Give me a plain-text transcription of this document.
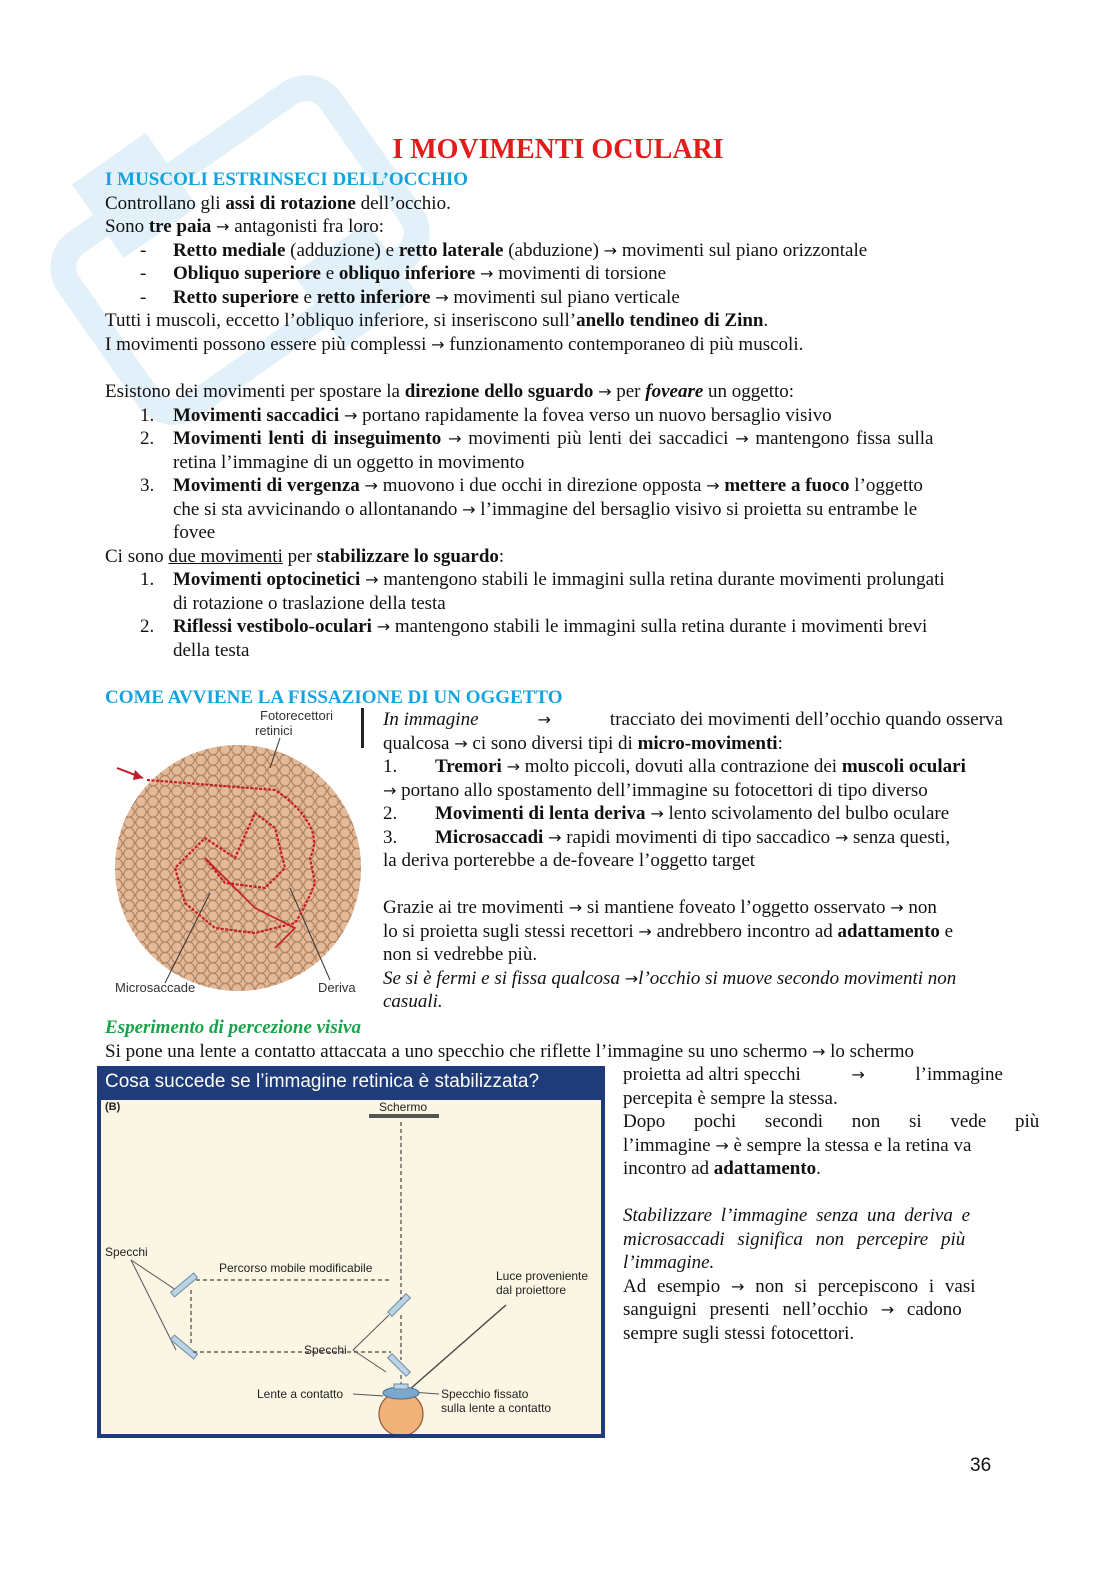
I MOVIMENTI OCULARI
I MUSCOLI ESTRINSECI DELL’OCCHIO
Controllano gli assi di rotazione dell’occhio.
Sono tre paia → antagonisti fra loro:
- Retto mediale (adduzione) e retto laterale (abduzione) → movimenti sul piano orizzontale
- Obliquo superiore e obliquo inferiore → movimenti di torsione
- Retto superiore e retto inferiore → movimenti sul piano verticale
Tutti i muscoli, eccetto l’obliquo inferiore, si inseriscono sull’anello tendineo di Zinn.
I movimenti possono essere più complessi → funzionamento contemporaneo di più muscoli.
Esistono dei movimenti per spostare la direzione dello sguardo → per foveare un oggetto:
1. Movimenti saccadici → portano rapidamente la fovea verso un nuovo bersaglio visivo
2. Movimenti lenti di inseguimento → movimenti più lenti dei saccadici → mantengono fissa sulla
retina l’immagine di un oggetto in movimento
3. Movimenti di vergenza → muovono i due occhi in direzione opposta → mettere a fuoco l’oggetto
che si sta avvicinando o allontanando → l’immagine del bersaglio visivo si proietta su entrambe le
fovee
Ci sono due movimenti per stabilizzare lo sguardo:
1. Movimenti optocinetici → mantengono stabili le immagini sulla retina durante movimenti prolungati
di rotazione o traslazione della testa
2. Riflessi vestibolo-oculari → mantengono stabili le immagini sulla retina durante i movimenti brevi
della testa
COME AVVIENE LA FISSAZIONE DI UN OGGETTO
Fotorecettori
retinici
Microsaccade	Deriva
In immagine	→	tracciato dei movimenti dell’occhio quando osserva
qualcosa → ci sono diversi tipi di micro-movimenti:
1. Tremori → molto piccoli, dovuti alla contrazione dei muscoli oculari
→ portano allo spostamento dell’immagine su fotocettori di tipo diverso
2. Movimenti di lenta deriva → lento scivolamento del bulbo oculare
3. Microsaccadi → rapidi movimenti di tipo saccadico → senza questi,
la deriva porterebbe a de-foveare l’oggetto target
Grazie ai tre movimenti → si mantiene foveato l’oggetto osservato → non
lo si proietta sugli stessi recettori → andrebbero incontro ad adattamento e
non si vedrebbe più.
Se si è fermi e si fissa qualcosa →l’occhio si muove secondo movimenti non
casuali.
Esperimento di percezione visiva
Si pone una lente a contatto attaccata a uno specchio che riflette l’immagine su uno schermo → lo schermo
Cosa succede se l’immagine retinica è stabilizzata?
(B)	Schermo
Specchi
Percorso mobile modificabile
Specchi
Luce proveniente
dal proiettore
Lente a contatto	Specchio fissato
sulla lente a contatto
proietta ad altri specchi	→	l’immagine
percepita è sempre la stessa.
Dopo pochi secondi non si vede più
l’immagine → è sempre la stessa e la retina va
incontro ad adattamento.
Stabilizzare l’immagine senza una deriva e
microsaccadi significa non percepire più
l’immagine.
Ad esempio → non si percepiscono i vasi
sanguigni presenti nell’occhio → cadono
sempre sugli stessi fotocettori.
36
